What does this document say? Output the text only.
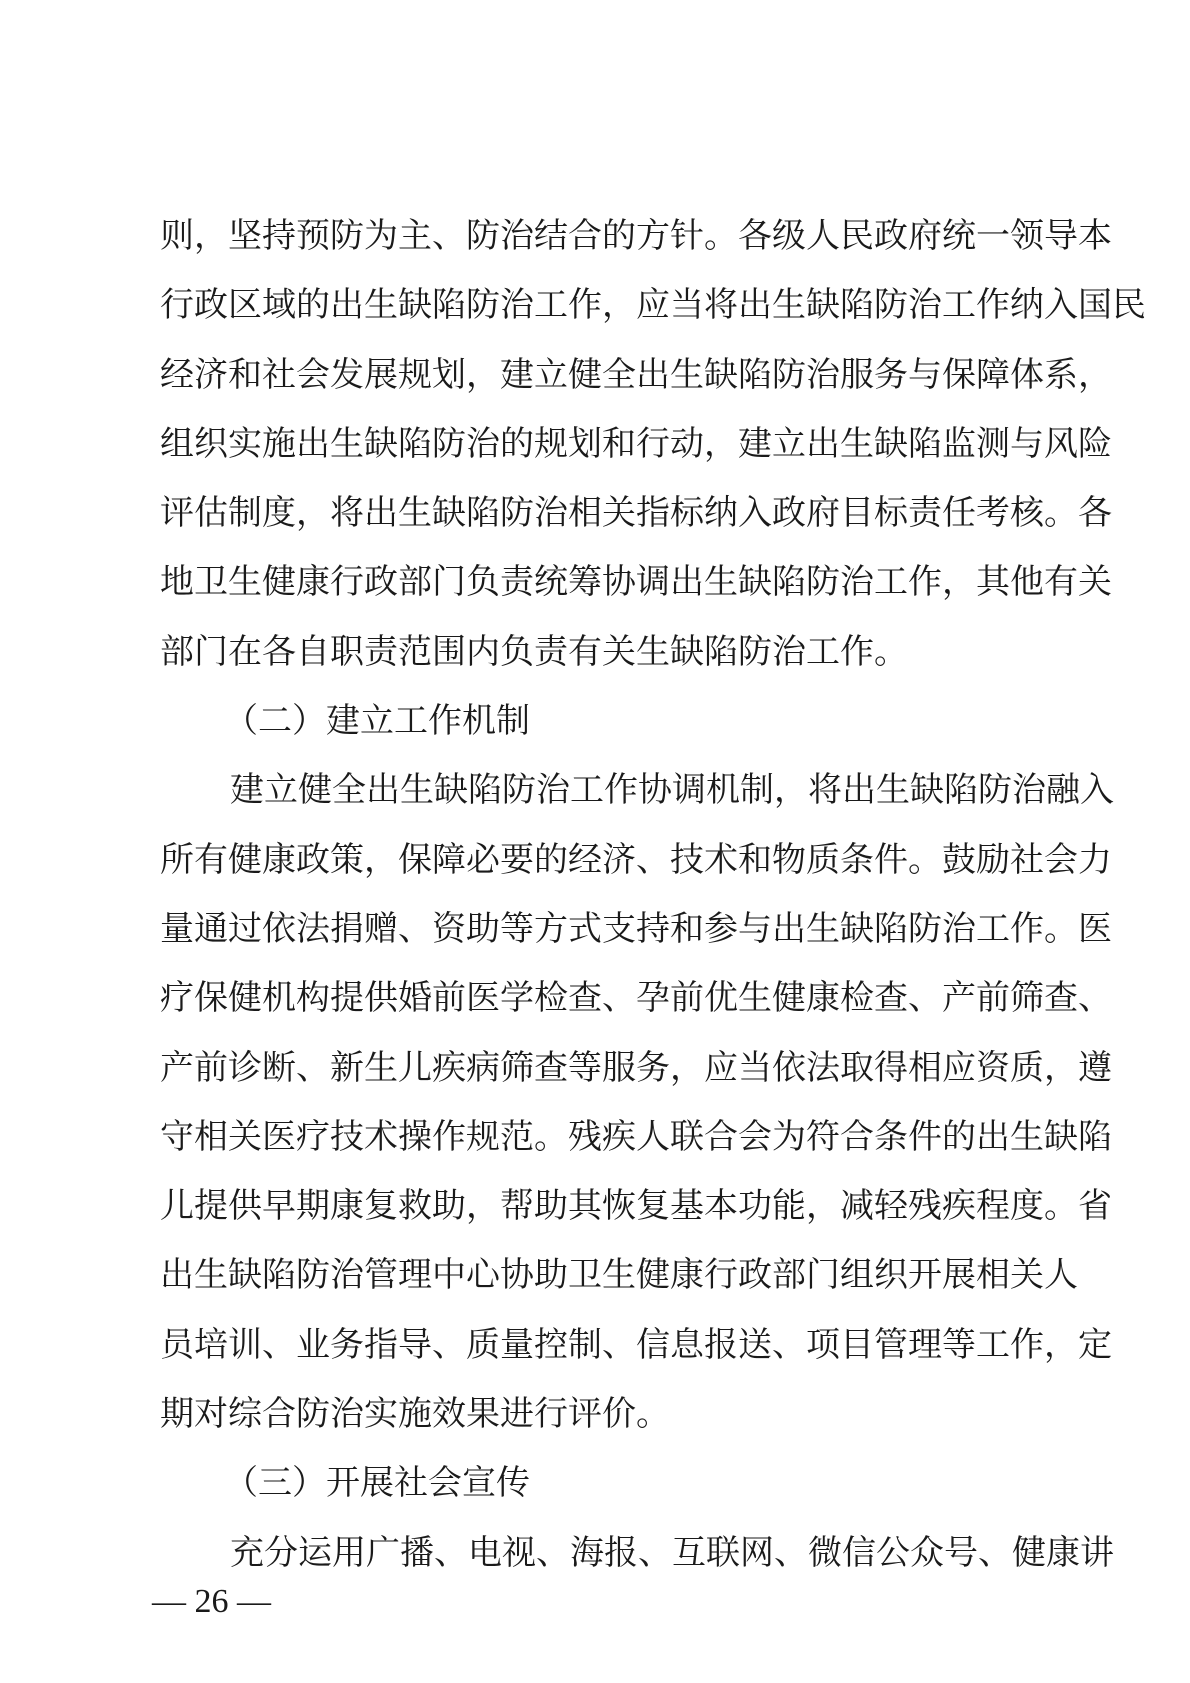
则，坚持预防为主、防治结合的方针。各级人民政府统一领导本
行政区域的出生缺陷防治工作，应当将出生缺陷防治工作纳入国民
经济和社会发展规划，建立健全出生缺陷防治服务与保障体系，
组织实施出生缺陷防治的规划和行动，建立出生缺陷监测与风险
评估制度，将出生缺陷防治相关指标纳入政府目标责任考核。各
地卫生健康行政部门负责统筹协调出生缺陷防治工作，其他有关
部门在各自职责范围内负责有关生缺陷防治工作。
（二）建立工作机制
建立健全出生缺陷防治工作协调机制，将出生缺陷防治融入
所有健康政策，保障必要的经济、技术和物质条件。鼓励社会力
量通过依法捐赠、资助等方式支持和参与出生缺陷防治工作。医
疗保健机构提供婚前医学检查、孕前优生健康检查、产前筛查、
产前诊断、新生儿疾病筛查等服务，应当依法取得相应资质，遵
守相关医疗技术操作规范。残疾人联合会为符合条件的出生缺陷
儿提供早期康复救助，帮助其恢复基本功能，减轻残疾程度。省
出生缺陷防治管理中心协助卫生健康行政部门组织开展相关人
员培训、业务指导、质量控制、信息报送、项目管理等工作，定
期对综合防治实施效果进行评价。
（三）开展社会宣传
充分运用广播、电视、海报、互联网、微信公众号、健康讲
— 26 —
